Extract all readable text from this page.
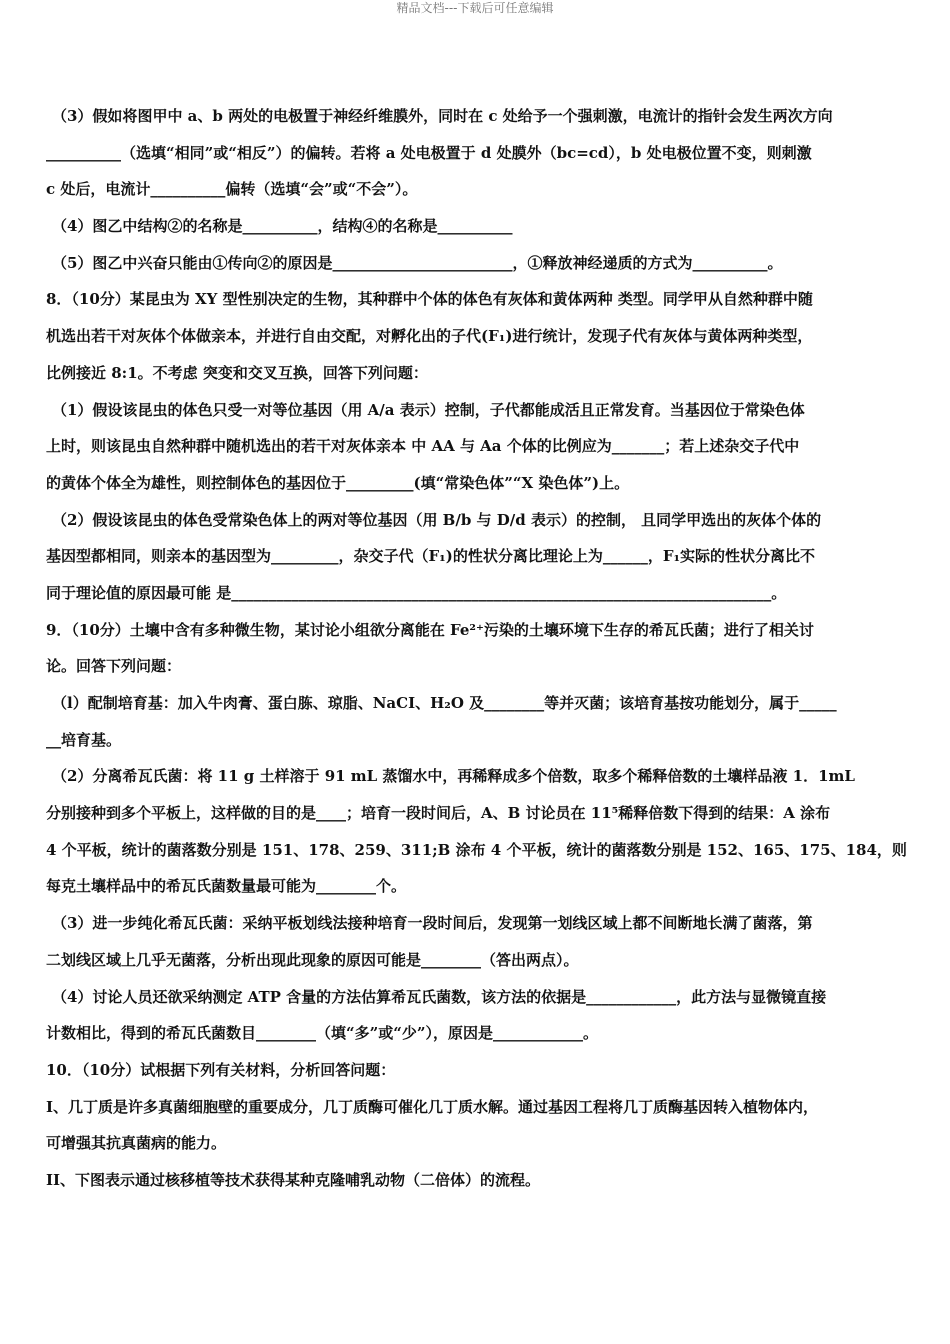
精品文档---下载后可任意编辑
（3）假如将图甲中 a、b 两处的电极置于神经纤维膜外，同时在 c 处给予一个强刺激，电流计的指针会发生两次方向
__________（选填“相同”或“相反”）的偏转。若将 a 处电极置于 d 处膜外（bc=cd），b 处电极位置不变，则刺激
c 处后，电流计__________偏转（选填“会”或“不会”）。
（4）图乙中结构②的名称是__________，结构④的名称是__________
（5）图乙中兴奋只能由①传向②的原因是________________________，①释放神经递质的方式为__________。
8．（10分）某昆虫为 XY 型性别决定的生物，其种群中个体的体色有灰体和黄体两种 类型。同学甲从自然种群中随
机选出若干对灰体个体做亲本，并进行自由交配，对孵化出的子代(F₁)进行统计，发现子代有灰体与黄体两种类型，
比例接近 8:1。不考虑 突变和交叉互换，回答下列问题：
（1）假设该昆虫的体色只受一对等位基因（用 A/a 表示）控制，子代都能成活且正常发育。当基因位于常染色体
上时，则该昆虫自然种群中随机选出的若干对灰体亲本 中 AA 与 Aa 个体的比例应为_______；若上述杂交子代中
的黄体个体全为雄性，则控制体色的基因位于_________(填“常染色体”“X 染色体”)上。
（2）假设该昆虫的体色受常染色体上的两对等位基因（用 B/b 与 D/d 表示）的控制， 且同学甲选出的灰体个体的
基因型都相同，则亲本的基因型为_________，杂交子代（F₁)的性状分离比理论上为______，F₁实际的性状分离比不
同于理论值的原因最可能 是________________________________________________________________________。
9．（10分）土壤中含有多种微生物，某讨论小组欲分离能在 Fe²⁺污染的土壤环境下生存的希瓦氏菌；进行了相关讨
论。回答下列问题：
（l）配制培育基：加入牛肉膏、蛋白胨、琼脂、NaCI、H₂O 及________等并灭菌；该培育基按功能划分，属于_____
__培育基。
（2）分离希瓦氏菌：将 11 g 土样溶于 91 mL 蒸馏水中，再稀释成多个倍数，取多个稀释倍数的土壤样品液 1．1mL
分别接种到多个平板上，这样做的目的是____；培育一段时间后，A、B 讨论员在 11⁵稀释倍数下得到的结果：A 涂布
4 个平板，统计的菌落数分别是 151、178、259、311;B 涂布 4 个平板，统计的菌落数分别是 152、165、175、184，则
每克土壤样品中的希瓦氏菌数量最可能为________个。
（3）进一步纯化希瓦氏菌：采纳平板划线法接种培育一段时间后，发现第一划线区域上都不间断地长满了菌落，第
二划线区域上几乎无菌落，分析出现此现象的原因可能是________（答出两点）。
（4）讨论人员还欲采纳测定 ATP 含量的方法估算希瓦氏菌数，该方法的依据是____________，此方法与显微镜直接
计数相比，得到的希瓦氏菌数目________（填“多”或“少”），原因是____________。
10．（10分）试根据下列有关材料，分析回答问题：
I、几丁质是许多真菌细胞壁的重要成分，几丁质酶可催化几丁质水解。通过基因工程将几丁质酶基因转入植物体内，
可增强其抗真菌病的能力。
II、下图表示通过核移植等技术获得某种克隆哺乳动物（二倍体）的流程。
